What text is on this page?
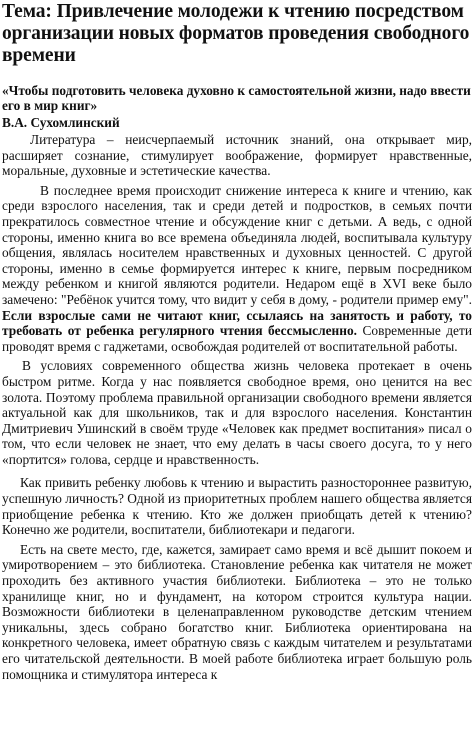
Тема: Привлечение молодежи к чтению посредством организации новых форматов проведения свободного времени

«Чтобы подготовить человека духовно к самостоятельной жизни, надо ввести его в мир книг»

В.А. Сухомлинский

Литература – неисчерпаемый источник знаний, она открывает мир, расширяет сознание, стимулирует воображение, формирует нравственные, моральные, духовные и эстетические качества.

В последнее время происходит снижение интереса к книге и чтению, как среди взрослого населения, так и среди детей и подростков, в семьях почти прекратилось совместное чтение и обсуждение книг с детьми. А ведь, с одной стороны, именно книга во все времена объединяла людей, воспитывала культуру общения, являлась носителем нравственных и духовных ценностей. С другой стороны, именно в семье формируется интерес к книге, первым посредником между ребенком и книгой являются родители. Недаром ещё в XVI веке было замечено: "Ребёнок учится тому, что видит у себя в дому, - родители пример ему". Если взрослые сами не читают книг, ссылаясь на занятость и работу, то требовать от ребенка регулярного чтения бессмысленно. Современные дети проводят время с гаджетами, освобождая родителей от воспитательной работы.

В условиях современного общества жизнь человека протекает в очень быстром ритме. Когда у нас появляется свободное время, оно ценится на вес золота. Поэтому проблема правильной организации свободного времени является актуальной как для школьников, так и для взрослого населения. Константин Дмитриевич Ушинский в своём труде «Человек как предмет воспитания» писал о том, что если человек не знает, что ему делать в часы своего досуга, то у него «портится» голова, сердце и нравственность.

Как привить ребенку любовь к чтению и вырастить разностороннее развитую, успешную личность? Одной из приоритетных проблем нашего общества является приобщение ребенка к чтению. Кто же должен приобщать детей к чтению? Конечно же родители, воспитатели, библиотекари и педагоги.

Есть на свете место, где, кажется, замирает само время и всё дышит покоем и умиротворением – это библиотека. Становление ребенка как читателя не может проходить без активного участия библиотеки. Библиотека – это не только хранилище книг, но и фундамент, на котором строится культура нации. Возможности библиотеки в целенаправленном руководстве детским чтением уникальны, здесь собрано богатство книг. Библиотека ориентирована на конкретного человека, имеет обратную связь с каждым читателем и результатами его читательской деятельности. В моей работе библиотека играет большую роль помощника и стимулятора интереса к
